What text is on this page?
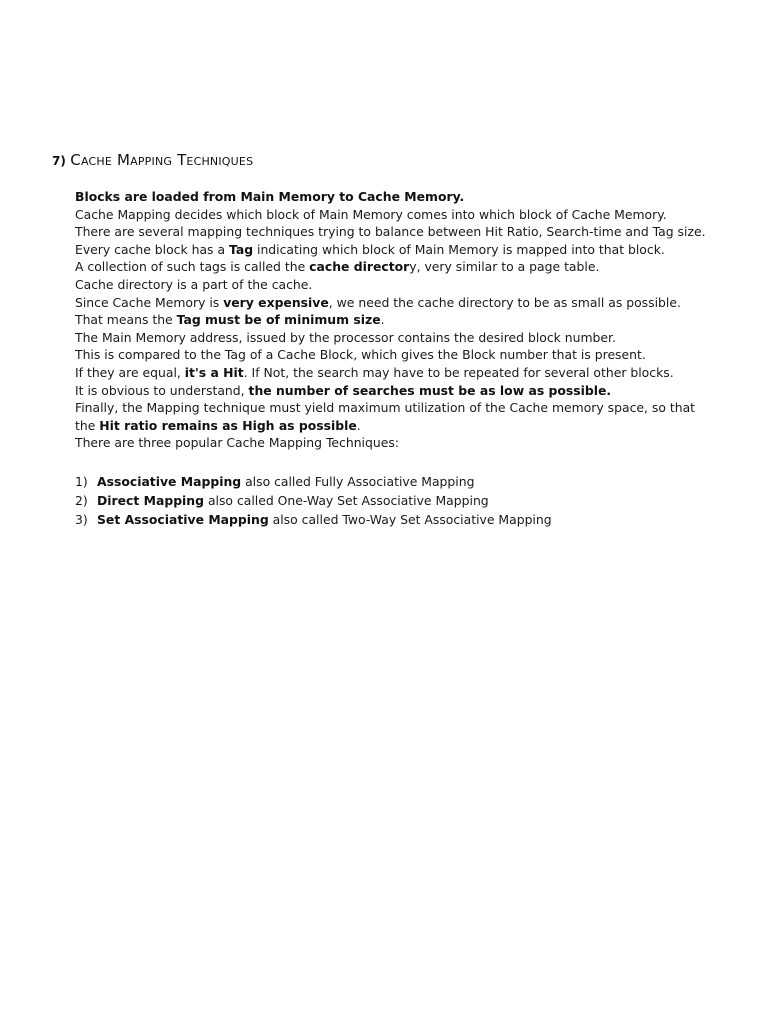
7) Cache Mapping Techniques

Blocks are loaded from Main Memory to Cache Memory.

Cache Mapping decides which block of Main Memory comes into which block of Cache Memory.

There are several mapping techniques trying to balance between Hit Ratio, Search-time and Tag size.

Every cache block has a Tag indicating which block of Main Memory is mapped into that block.

A collection of such tags is called the cache directory, very similar to a page table.

Cache directory is a part of the cache.

Since Cache Memory is very expensive, we need the cache directory to be as small as possible.

That means the Tag must be of minimum size.

The Main Memory address, issued by the processor contains the desired block number.

This is compared to the Tag of a Cache Block, which gives the Block number that is present.

If they are equal, it's a Hit. If Not, the search may have to be repeated for several other blocks.

It is obvious to understand, the number of searches must be as low as possible.

Finally, the Mapping technique must yield maximum utilization of the Cache memory space, so that

the Hit ratio remains as High as possible.

There are three popular Cache Mapping Techniques:

1) Associative Mapping also called Fully Associative Mapping
2) Direct Mapping also called One-Way Set Associative Mapping
3) Set Associative Mapping also called Two-Way Set Associative Mapping
